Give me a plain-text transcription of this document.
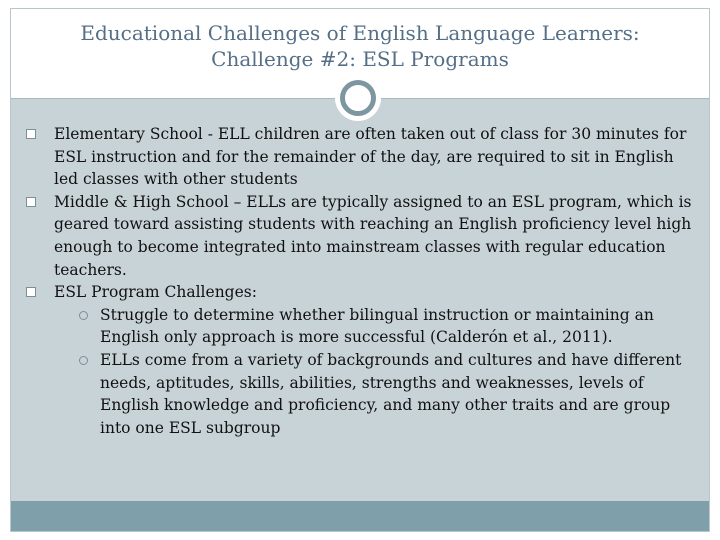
Educational Challenges of English Language Learners:
Challenge #2: ESL Programs

Elementary School - ELL children are often taken out of class for 30 minutes for ESL instruction and for the remainder of the day, are required to sit in English led classes with other students

Middle & High School – ELLs are typically assigned to an ESL program, which is geared toward assisting students with reaching an English proficiency level high enough to become integrated into mainstream classes with regular education teachers.

ESL Program Challenges:

Struggle to determine whether bilingual instruction or maintaining an English only approach is more successful (Calderón et al., 2011).

ELLs come from a variety of backgrounds and cultures and have different needs, aptitudes, skills, abilities, strengths and weaknesses, levels of English knowledge and proficiency, and many other traits and are group into one ESL subgroup
